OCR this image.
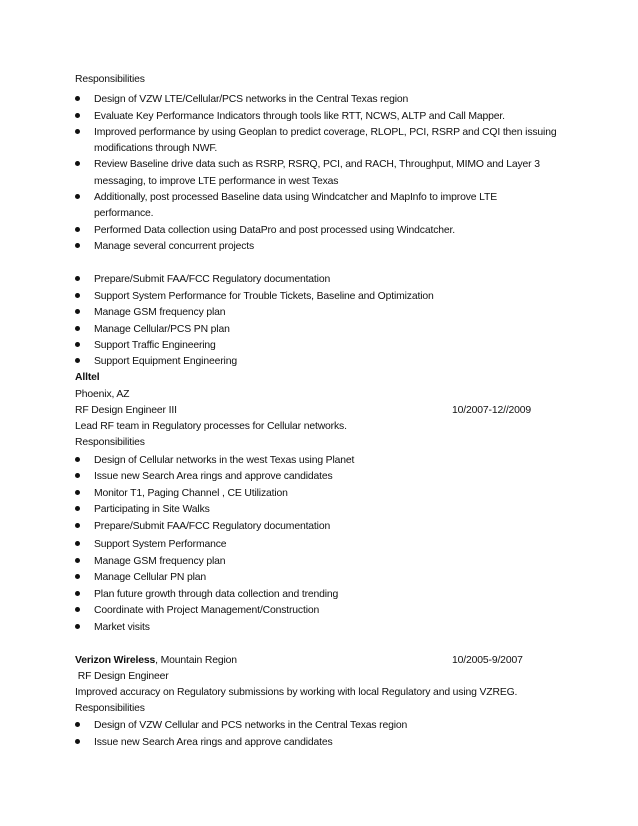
Responsibilities
Design of VZW LTE/Cellular/PCS networks in the Central Texas region
Evaluate Key Performance Indicators through tools like RTT, NCWS, ALTP and Call Mapper.
Improved performance by using Geoplan to predict coverage, RLOPL, PCI, RSRP and CQI then issuing
modifications through NWF.
Review Baseline drive data such as RSRP, RSRQ, PCI, and RACH, Throughput, MIMO and Layer 3
messaging, to improve LTE performance in west Texas
Additionally, post processed Baseline data using Windcatcher and MapInfo to improve LTE
performance.
Performed Data collection using DataPro and post processed using Windcatcher.
Manage several concurrent projects
Prepare/Submit FAA/FCC Regulatory documentation
Support System Performance for Trouble Tickets, Baseline and Optimization
Manage GSM frequency plan
Manage Cellular/PCS PN plan
Support Traffic Engineering
Support Equipment Engineering
Alltel
Phoenix, AZ
RF Design Engineer III	10/2007-12//2009
Lead RF team in Regulatory processes for Cellular networks.
Responsibilities
Design of Cellular networks in the west Texas using Planet
Issue new Search Area rings and approve candidates
Monitor T1, Paging Channel , CE Utilization
Participating in Site Walks
Prepare/Submit FAA/FCC Regulatory documentation
Support System Performance
Manage GSM frequency plan
Manage Cellular PN plan
Plan future growth through data collection and trending
Coordinate with Project Management/Construction
Market visits
Verizon Wireless, Mountain Region	10/2005-9/2007
RF Design Engineer
Improved accuracy on Regulatory submissions by working with local Regulatory and using VZREG.
Responsibilities
Design of VZW Cellular and PCS networks in the Central Texas region
Issue new Search Area rings and approve candidates
